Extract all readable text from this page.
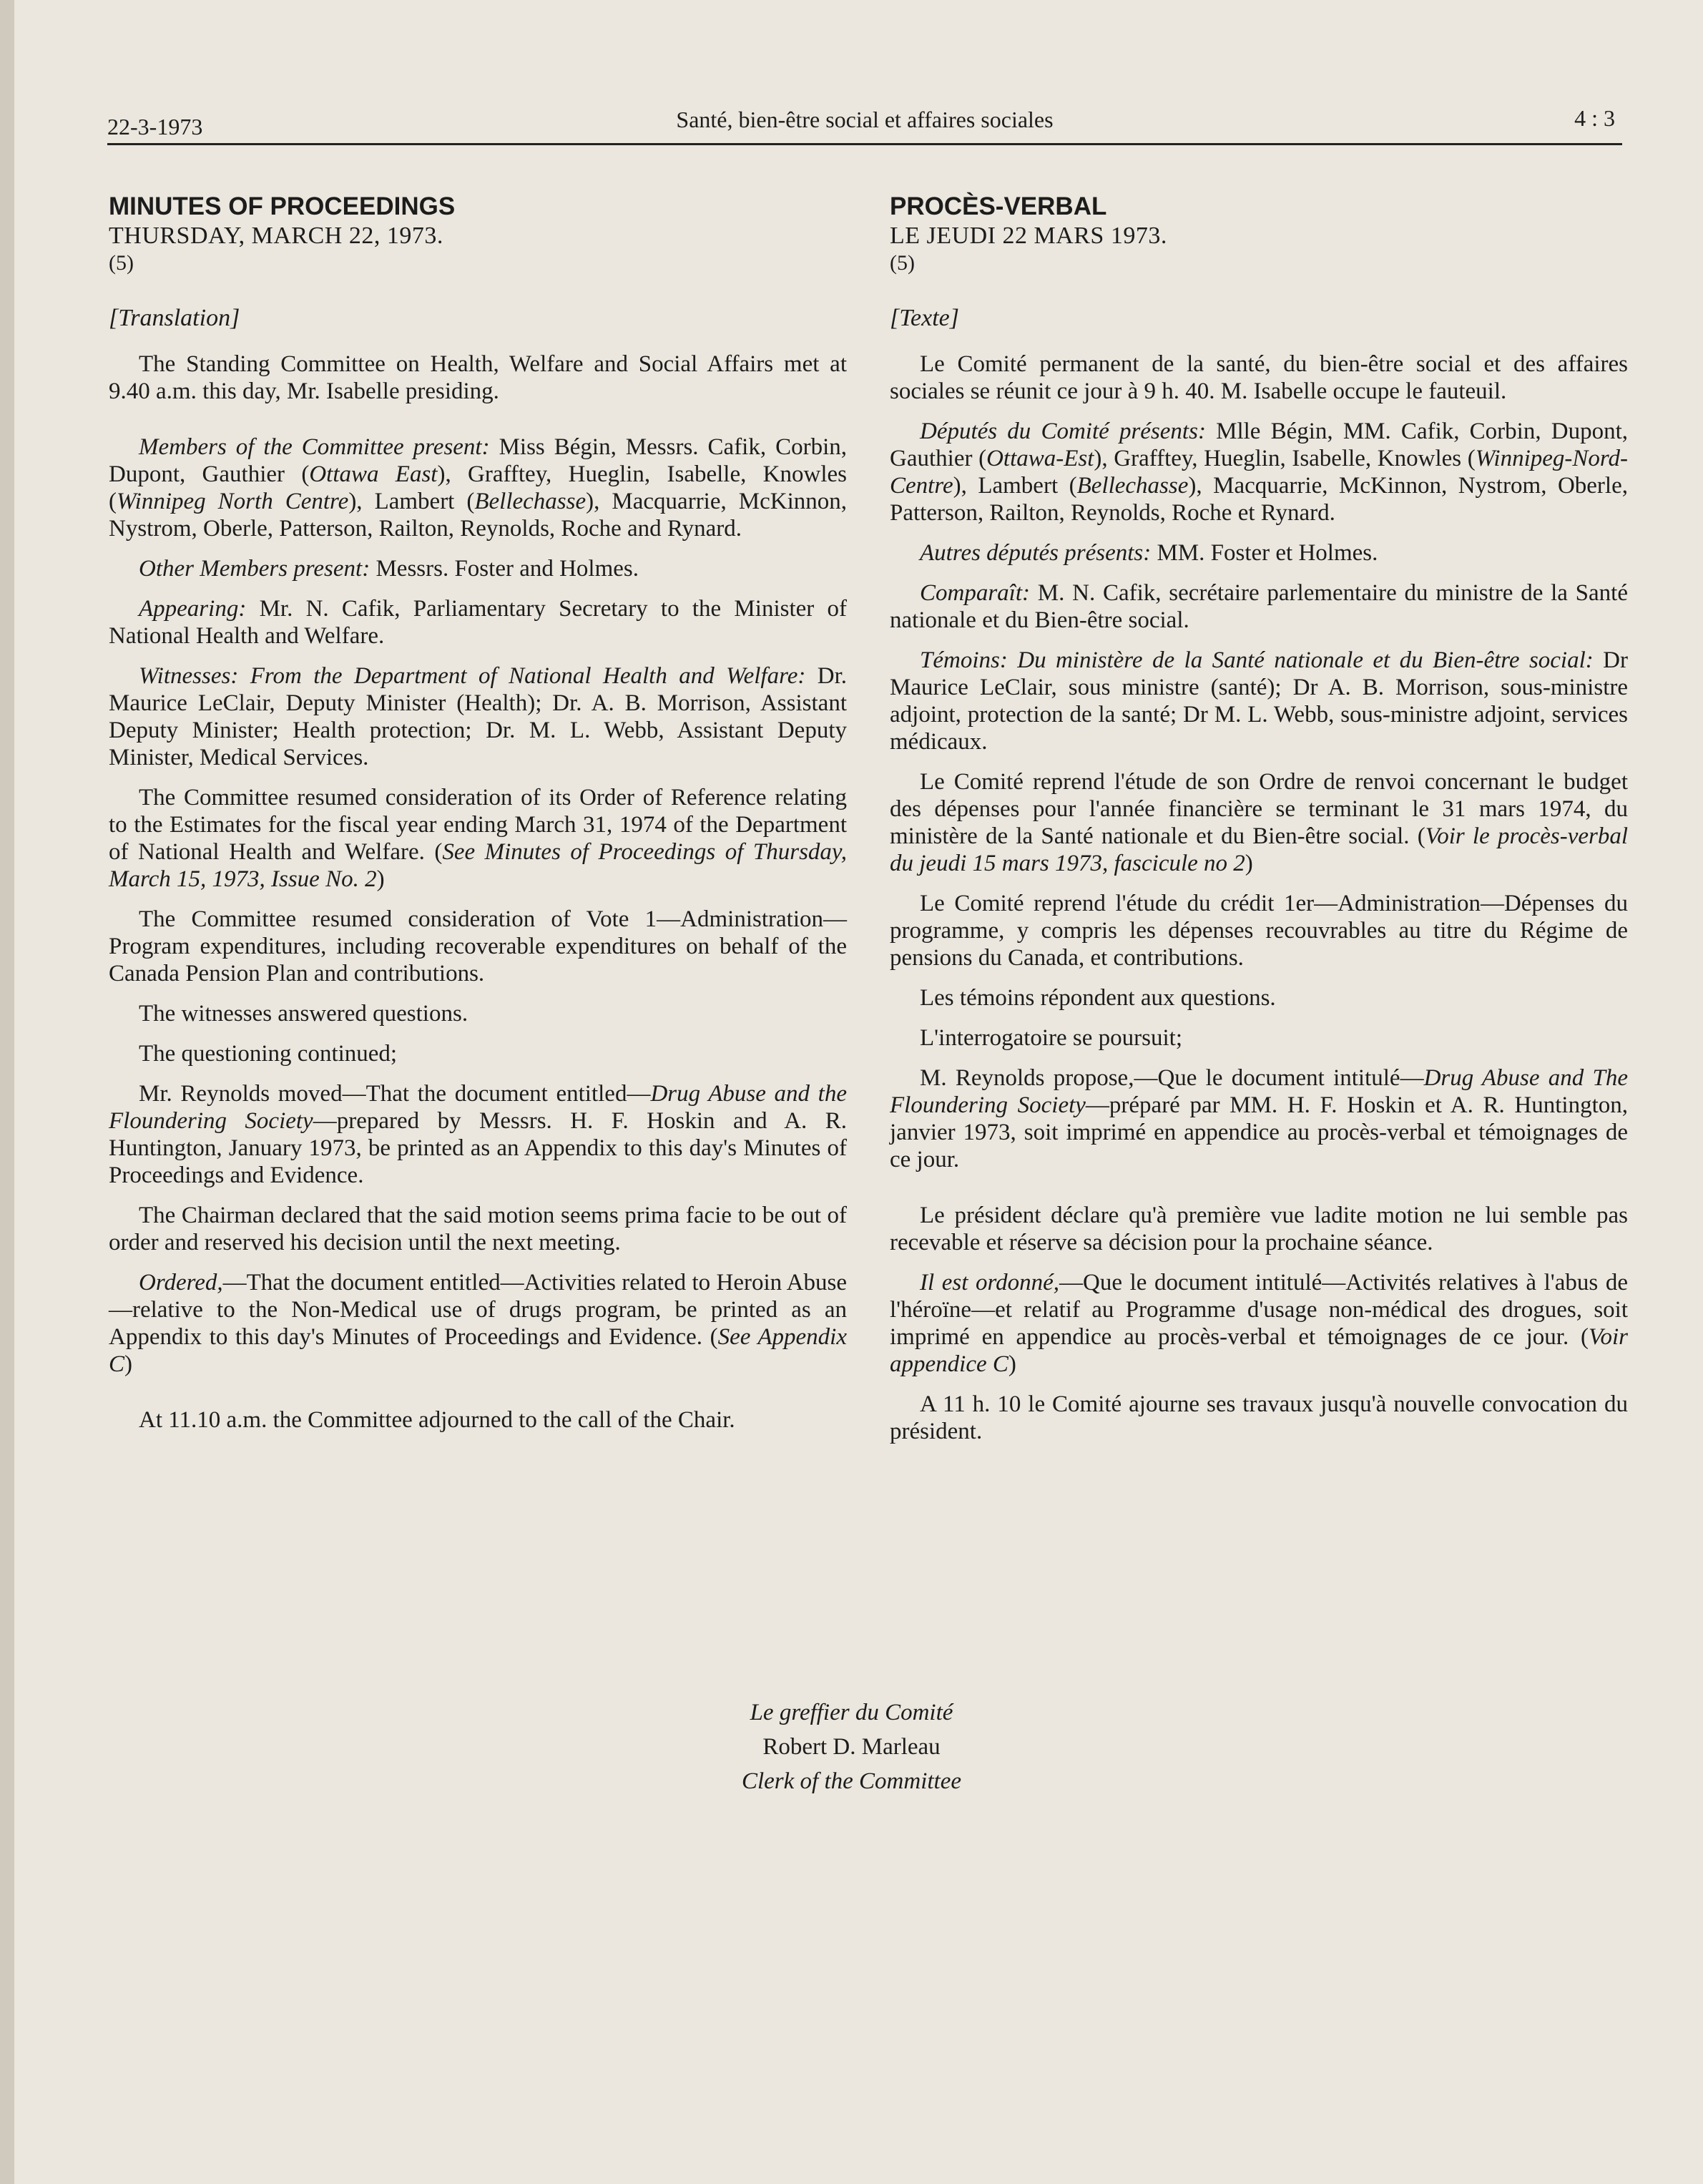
22-3-1973	Santé, bien-être social et affaires sociales	4 : 3
MINUTES OF PROCEEDINGS
THURSDAY, MARCH 22, 1973.
(5)
[Translation]

The Standing Committee on Health, Welfare and Social Affairs met at 9.40 a.m. this day, Mr. Isabelle presiding.

Members of the Committee present: Miss Bégin, Messrs. Cafik, Corbin, Dupont, Gauthier (Ottawa East), Grafftey, Hueglin, Isabelle, Knowles (Winnipeg North Centre), Lambert (Bellechasse), Macquarrie, McKinnon, Nystrom, Oberle, Patterson, Railton, Reynolds, Roche and Rynard.

Other Members present: Messrs. Foster and Holmes.

Appearing: Mr. N. Cafik, Parliamentary Secretary to the Minister of National Health and Welfare.

Witnesses: From the Department of National Health and Welfare: Dr. Maurice LeClair, Deputy Minister (Health); Dr. A. B. Morrison, Assistant Deputy Minister; Health protection; Dr. M. L. Webb, Assistant Deputy Minister, Medical Services.

The Committee resumed consideration of its Order of Reference relating to the Estimates for the fiscal year ending March 31, 1974 of the Department of National Health and Welfare. (See Minutes of Proceedings of Thursday, March 15, 1973, Issue No. 2)

The Committee resumed consideration of Vote 1—Administration—Program expenditures, including recoverable expenditures on behalf of the Canada Pension Plan and contributions.

The witnesses answered questions.

The questioning continued;

Mr. Reynolds moved—That the document entitled—Drug Abuse and the Floundering Society—prepared by Messrs. H. F. Hoskin and A. R. Huntington, January 1973, be printed as an Appendix to this day's Minutes of Proceedings and Evidence.

The Chairman declared that the said motion seems prima facie to be out of order and reserved his decision until the next meeting.

Ordered,—That the document entitled—Activities related to Heroin Abuse—relative to the Non-Medical use of drugs program, be printed as an Appendix to this day's Minutes of Proceedings and Evidence. (See Appendix C)

At 11.10 a.m. the Committee adjourned to the call of the Chair.

PROCÈS-VERBAL
LE JEUDI 22 MARS 1973.
(5)
[Texte]

Le Comité permanent de la santé, du bien-être social et des affaires sociales se réunit ce jour à 9 h. 40. M. Isabelle occupe le fauteuil.

Députés du Comité présents: Mlle Bégin, MM. Cafik, Corbin, Dupont, Gauthier (Ottawa-Est), Grafftey, Hueglin, Isabelle, Knowles (Winnipeg-Nord-Centre), Lambert (Bellechasse), Macquarrie, McKinnon, Nystrom, Oberle, Patterson, Railton, Reynolds, Roche et Rynard.

Autres députés présents: MM. Foster et Holmes.

Comparaît: M. N. Cafik, secrétaire parlementaire du ministre de la Santé nationale et du Bien-être social.

Témoins: Du ministère de la Santé nationale et du Bien-être social: Dr Maurice LeClair, sous ministre (santé); Dr A. B. Morrison, sous-ministre adjoint, protection de la santé; Dr M. L. Webb, sous-ministre adjoint, services médicaux.

Le Comité reprend l'étude de son Ordre de renvoi concernant le budget des dépenses pour l'année financière se terminant le 31 mars 1974, du ministère de la Santé nationale et du Bien-être social. (Voir le procès-verbal du jeudi 15 mars 1973, fascicule no 2)

Le Comité reprend l'étude du crédit 1er—Administration—Dépenses du programme, y compris les dépenses recouvrables au titre du Régime de pensions du Canada, et contributions.

Les témoins répondent aux questions.

L'interrogatoire se poursuit;

M. Reynolds propose,—Que le document intitulé—Drug Abuse and The Floundering Society—préparé par MM. H. F. Hoskin et A. R. Huntington, janvier 1973, soit imprimé en appendice au procès-verbal et témoignages de ce jour.

Le président déclare qu'à première vue ladite motion ne lui semble pas recevable et réserve sa décision pour la prochaine séance.

Il est ordonné,—Que le document intitulé—Activités relatives à l'abus de l'héroïne—et relatif au Programme d'usage non-médical des drogues, soit imprimé en appendice au procès-verbal et témoignages de ce jour. (Voir appendice C)

A 11 h. 10 le Comité ajourne ses travaux jusqu'à nouvelle convocation du président.

Le greffier du Comité
Robert D. Marleau
Clerk of the Committee
